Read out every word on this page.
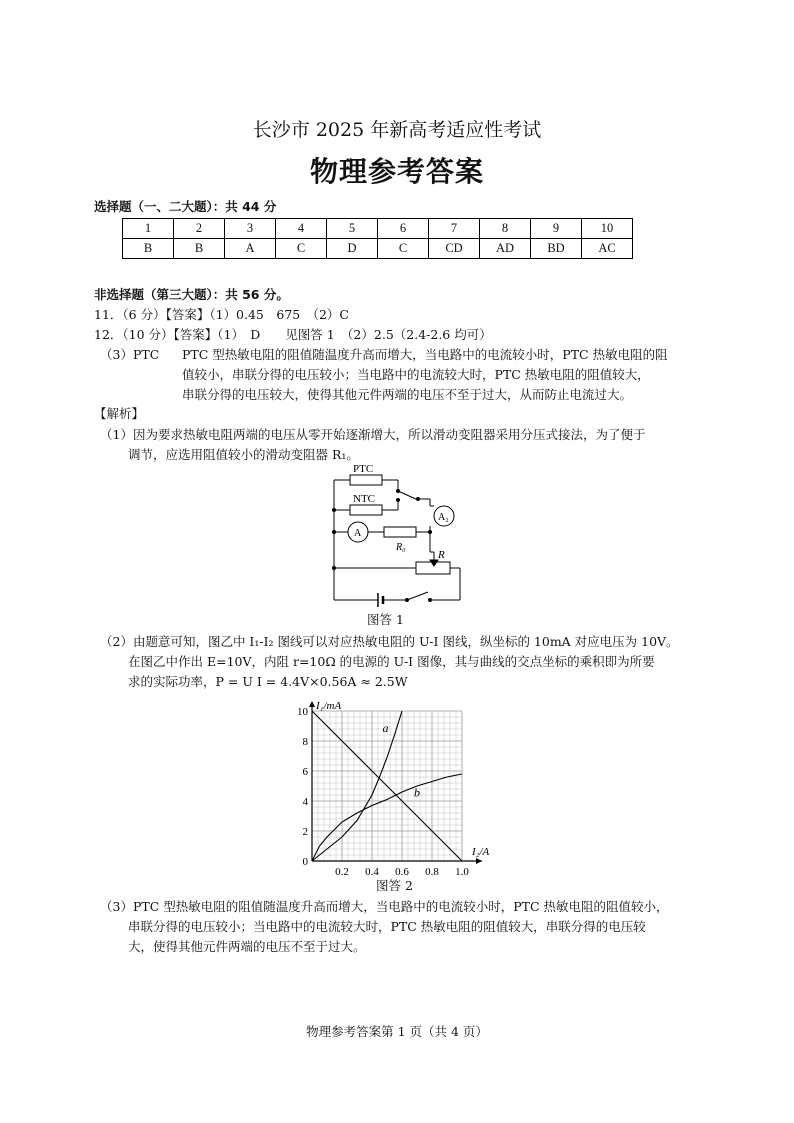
长沙市 2025 年新高考适应性考试
物理参考答案
选择题（一、二大题）：共 44 分
1	2	3	4	5	6	7	8	9	10
B	B	A	C	D	C	CD	AD	BD	AC
非选择题（第三大题）：共 56 分。
11．（6 分）【答案】（1）0.45　675　（2）C
12．（10 分）【答案】（1）　D　　见图答 1　（2）2.5（2.4-2.6 均可）
（3）PTC PTC 型热敏电阻的阻值随温度升高而增大，当电路中的电流较小时，PTC 热敏电阻的阻
值较小，串联分得的电压较小；当电路中的电流较大时，PTC 热敏电阻的阻值较大，
串联分得的电压较大，使得其他元件两端的电压不至于过大，从而防止电流过大。
【解析】
（1）因为要求热敏电阻两端的电压从零开始逐渐增大，所以滑动变阻器采用分压式接法，为了便于
调节，应选用阻值较小的滑动变阻器 R₁。
PTC
NTC
A₂
A
R₀
R
图答 1
（2）由题意可知，图乙中 I₁-I₂ 图线可以对应热敏电阻的 U-I 图线，纵坐标的 10mA 对应电压为 10V。
在图乙中作出 E=10V，内阻 r=10Ω 的电源的 U-I 图像，其与曲线的交点坐标的乘积即为所要
求的实际功率，P = U I = 4.4V×0.56A ≈ 2.5W
0.2 0.4 0.6 0.8 1.0
0
2
4
6
8
10 I₁/mA
I₂/A
a
b
图答 2
（3）PTC 型热敏电阻的阻值随温度升高而增大，当电路中的电流较小时，PTC 热敏电阻的阻值较小，
串联分得的电压较小；当电路中的电流较大时，PTC 热敏电阻的阻值较大，串联分得的电压较
大，使得其他元件两端的电压不至于过大。
物理参考答案第 1 页（共 4 页）
